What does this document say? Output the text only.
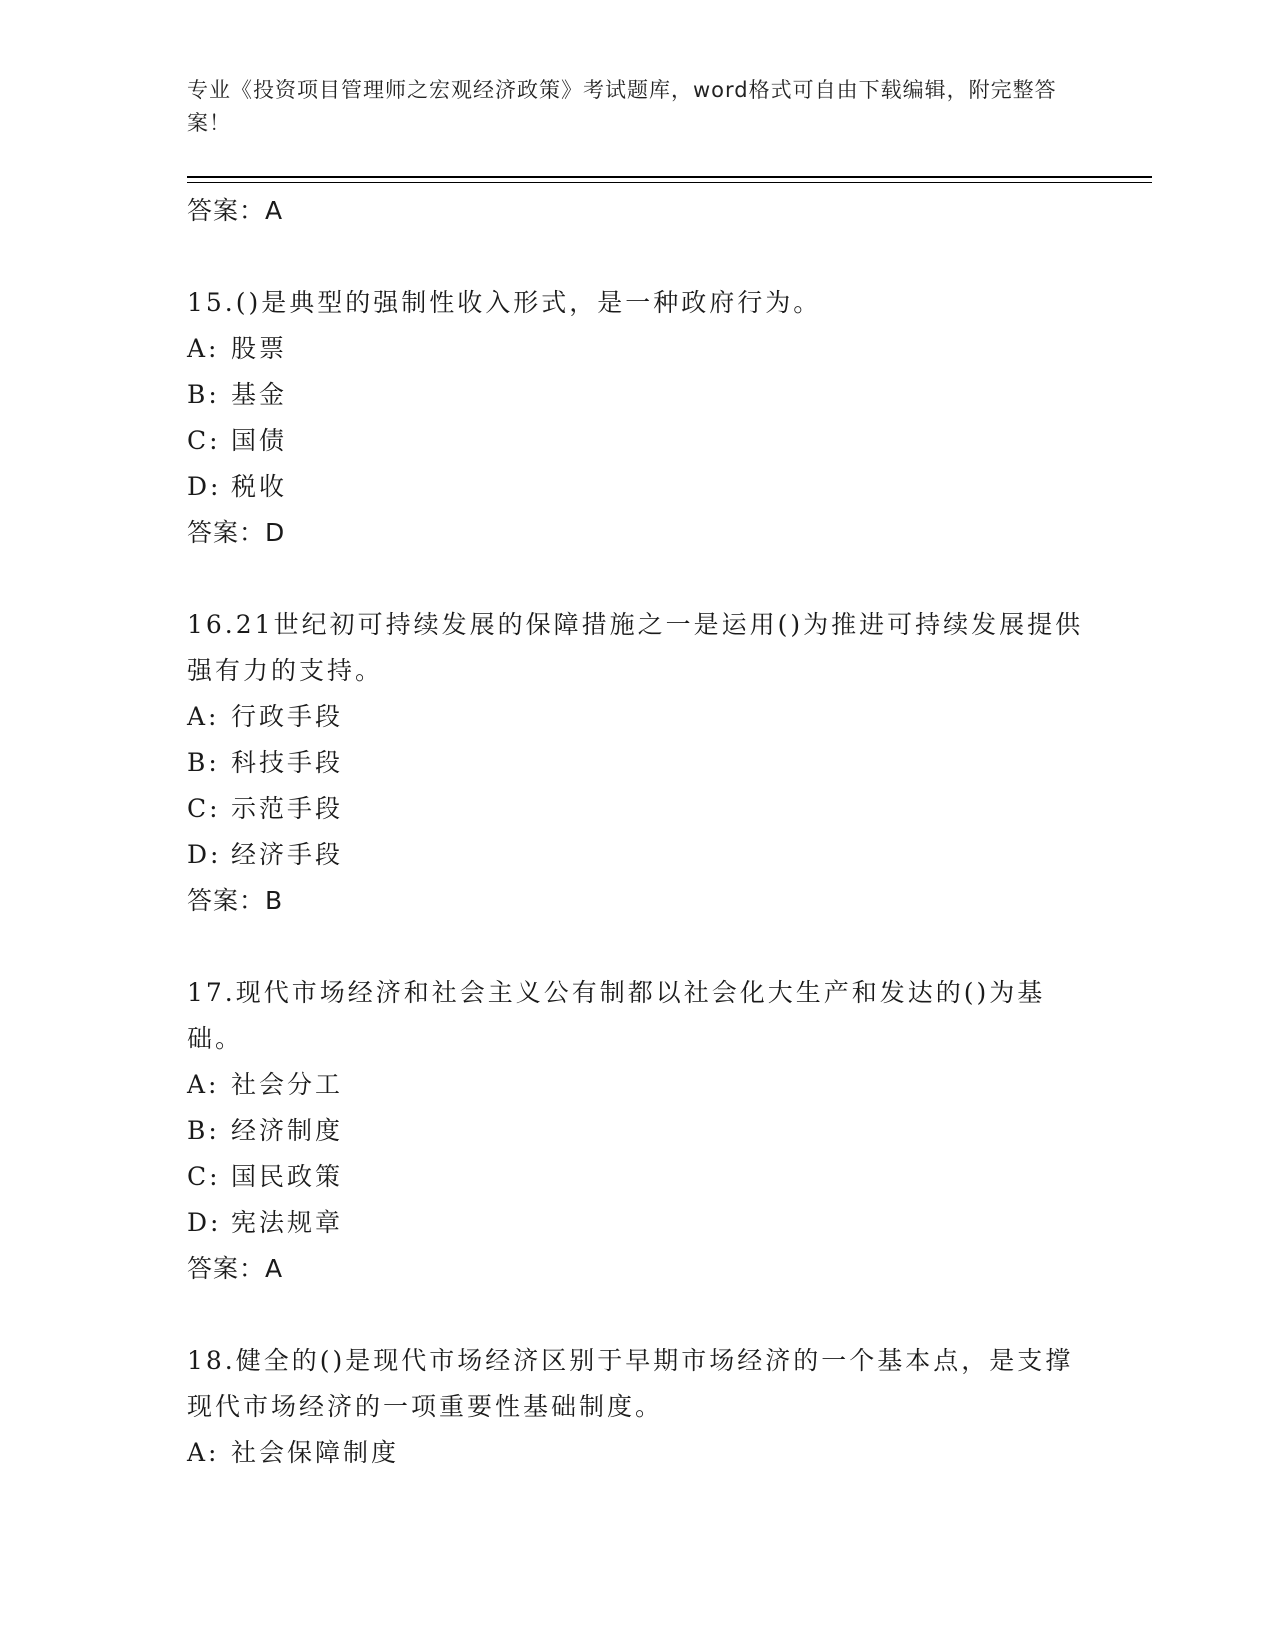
专业《投资项目管理师之宏观经济政策》考试题库，word格式可自由下载编辑，附完整答案！
答案：A
15.()是典型的强制性收入形式，是一种政府行为。
A: 股票
B: 基金
C: 国债
D: 税收
答案：D
16.21世纪初可持续发展的保障措施之一是运用()为推进可持续发展提供强有力的支持。
A: 行政手段
B: 科技手段
C: 示范手段
D: 经济手段
答案：B
17.现代市场经济和社会主义公有制都以社会化大生产和发达的()为基础。
A: 社会分工
B: 经济制度
C: 国民政策
D: 宪法规章
答案：A
18.健全的()是现代市场经济区别于早期市场经济的一个基本点，是支撑现代市场经济的一项重要性基础制度。
A: 社会保障制度
